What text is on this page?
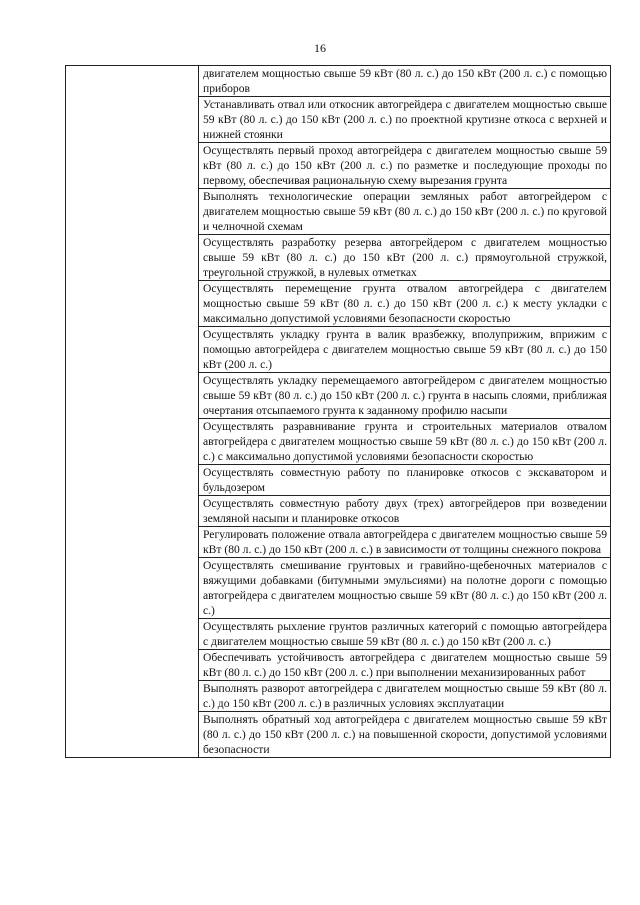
16

двигателем мощностью свыше 59 кВт (80 л. с.) до 150 кВт (200 л. с.) с помощью приборов

Устанавливать отвал или откосник автогрейдера с двигателем мощностью свыше 59 кВт (80 л. с.) до 150 кВт (200 л. с.) по проектной крутизне откоса с верхней и нижней стоянки

Осуществлять первый проход автогрейдера с двигателем мощностью свыше 59 кВт (80 л. с.) до 150 кВт (200 л. с.) по разметке и последующие проходы по первому, обеспечивая рациональную схему вырезания грунта

Выполнять технологические операции земляных работ автогрейдером с двигателем мощностью свыше 59 кВт (80 л. с.) до 150 кВт (200 л. с.) по круговой и челночной схемам

Осуществлять разработку резерва автогрейдером с двигателем мощностью свыше 59 кВт (80 л. с.) до 150 кВт (200 л. с.) прямоугольной стружкой, треугольной стружкой, в нулевых отметках

Осуществлять перемещение грунта отвалом автогрейдера с двигателем мощностью свыше 59 кВт (80 л. с.) до 150 кВт (200 л. с.) к месту укладки с максимально допустимой условиями безопасности скоростью

Осуществлять укладку грунта в валик вразбежку, вполуприжим, вприжим с помощью автогрейдера с двигателем мощностью свыше 59 кВт (80 л. с.) до 150 кВт (200 л. с.)

Осуществлять укладку перемещаемого автогрейдером с двигателем мощностью свыше 59 кВт (80 л. с.) до 150 кВт (200 л. с.) грунта в насыпь слоями, приближая очертания отсыпаемого грунта к заданному профилю насыпи

Осуществлять разравнивание грунта и строительных материалов отвалом автогрейдера с двигателем мощностью свыше 59 кВт (80 л. с.) до 150 кВт (200 л. с.) с максимально допустимой условиями безопасности скоростью

Осуществлять совместную работу по планировке откосов с экскаватором и бульдозером

Осуществлять совместную работу двух (трех) автогрейдеров при возведении земляной насыпи и планировке откосов

Регулировать положение отвала автогрейдера с двигателем мощностью свыше 59 кВт (80 л. с.) до 150 кВт (200 л. с.) в зависимости от толщины снежного покрова

Осуществлять смешивание грунтовых и гравийно-щебеночных материалов с вяжущими добавками (битумными эмульсиями) на полотне дороги с помощью автогрейдера с двигателем мощностью свыше 59 кВт (80 л. с.) до 150 кВт (200 л. с.)

Осуществлять рыхление грунтов различных категорий с помощью автогрейдера с двигателем мощностью свыше 59 кВт (80 л. с.) до 150 кВт (200 л. с.)

Обеспечивать устойчивость автогрейдера с двигателем мощностью свыше 59 кВт (80 л. с.) до 150 кВт (200 л. с.) при выполнении механизированных работ

Выполнять разворот автогрейдера с двигателем мощностью свыше 59 кВт (80 л. с.) до 150 кВт (200 л. с.) в различных условиях эксплуатации

Выполнять обратный ход автогрейдера с двигателем мощностью свыше 59 кВт (80 л. с.) до 150 кВт (200 л. с.) на повышенной скорости, допустимой условиями безопасности
